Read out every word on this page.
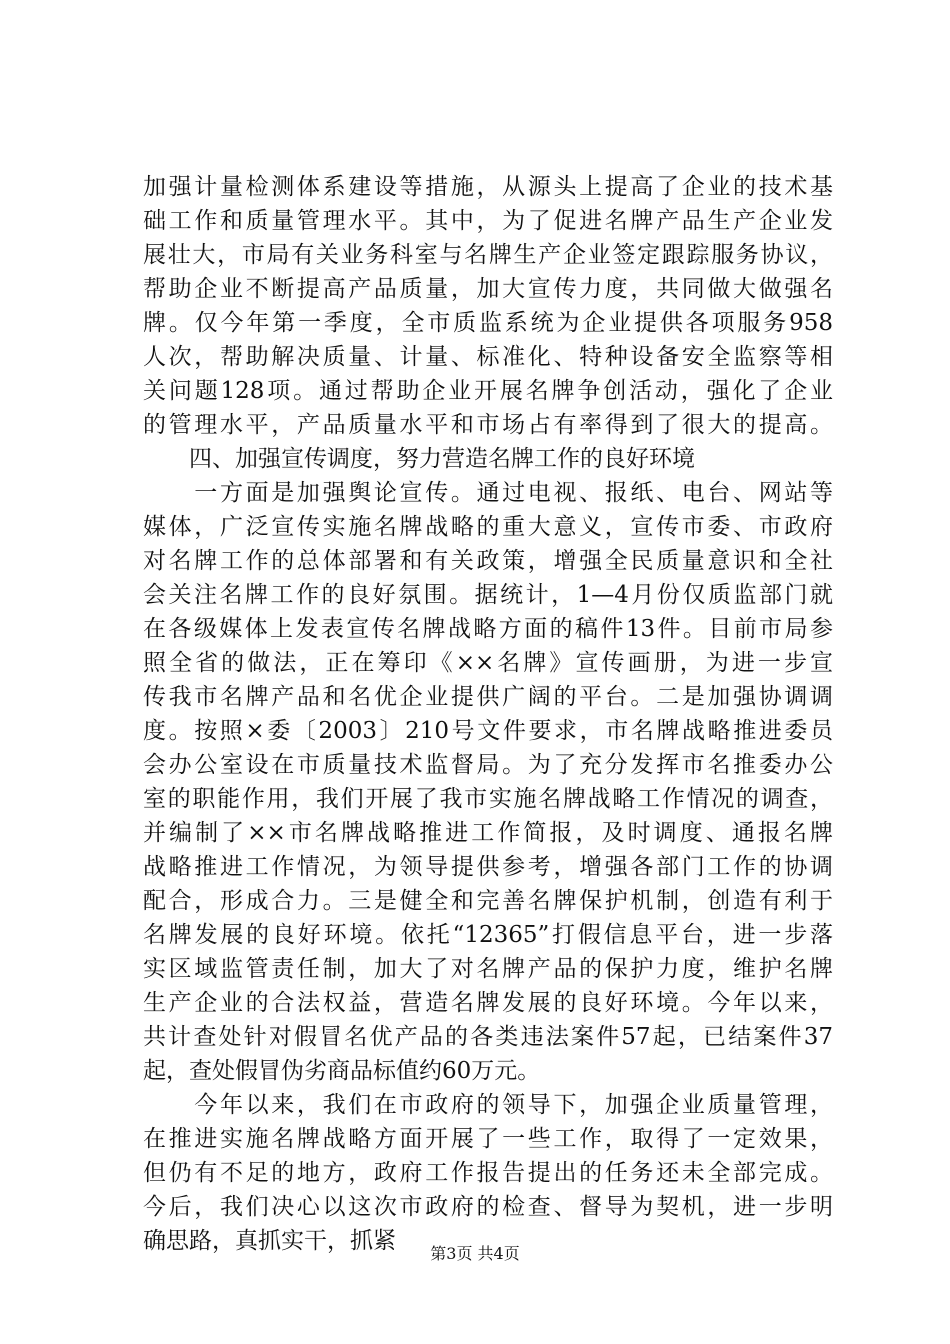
加强计量检测体系建设等措施，从源头上提高了企业的技术基
础工作和质量管理水平。其中，为了促进名牌产品生产企业发
展壮大，市局有关业务科室与名牌生产企业签定跟踪服务协议，
帮助企业不断提高产品质量，加大宣传力度，共同做大做强名
牌。仅今年第一季度，全市质监系统为企业提供各项服务958
人次，帮助解决质量、计量、标准化、特种设备安全监察等相
关问题128项。通过帮助企业开展名牌争创活动，强化了企业
的管理水平，产品质量水平和市场占有率得到了很大的提高。
　　四、加强宣传调度，努力营造名牌工作的良好环境
　　一方面是加强舆论宣传。通过电视、报纸、电台、网站等
媒体，广泛宣传实施名牌战略的重大意义，宣传市委、市政府
对名牌工作的总体部署和有关政策，增强全民质量意识和全社
会关注名牌工作的良好氛围。据统计，1—4月份仅质监部门就
在各级媒体上发表宣传名牌战略方面的稿件13件。目前市局参
照全省的做法，正在筹印《××名牌》宣传画册，为进一步宣
传我市名牌产品和名优企业提供广阔的平台。二是加强协调调
度。按照×委〔2003〕210号文件要求，市名牌战略推进委员
会办公室设在市质量技术监督局。为了充分发挥市名推委办公
室的职能作用，我们开展了我市实施名牌战略工作情况的调查，
并编制了××市名牌战略推进工作简报，及时调度、通报名牌
战略推进工作情况，为领导提供参考，增强各部门工作的协调
配合，形成合力。三是健全和完善名牌保护机制，创造有利于
名牌发展的良好环境。依托“12365”打假信息平台，进一步落
实区域监管责任制，加大了对名牌产品的保护力度，维护名牌
生产企业的合法权益，营造名牌发展的良好环境。今年以来，
共计查处针对假冒名优产品的各类违法案件57起，已结案件37
起，查处假冒伪劣商品标值约60万元。
　　今年以来，我们在市政府的领导下，加强企业质量管理，
在推进实施名牌战略方面开展了一些工作，取得了一定效果，
但仍有不足的地方，政府工作报告提出的任务还未全部完成。
今后，我们决心以这次市政府的检查、督导为契机，进一步明
确思路，真抓实干，抓紧	第3页 共4页
